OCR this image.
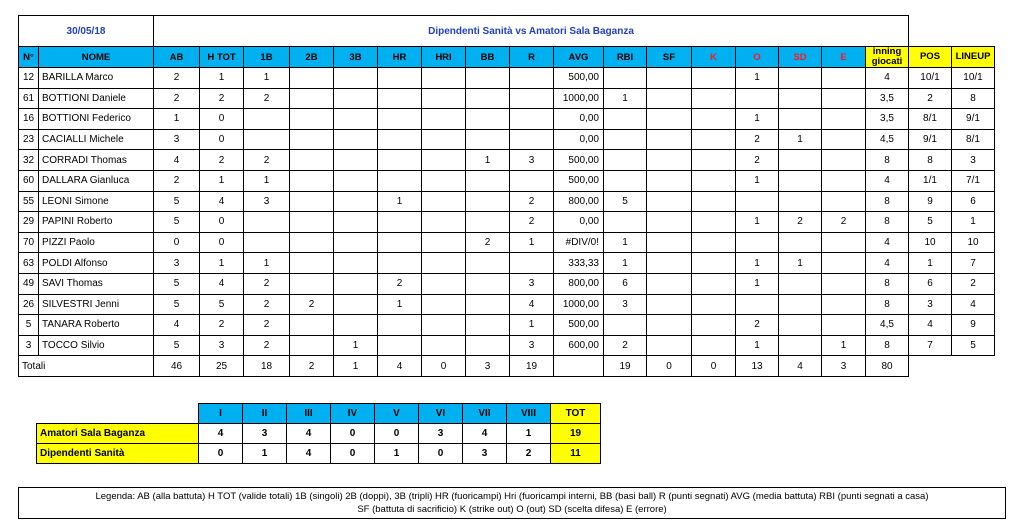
30/05/18		Dipendenti Sanità vs Amatori Sala Baganza																		
N°	NOME	AB	H TOT	1B	2B	3B	HR	HRI	BB	R	AVG	RBI	SF	K	O	SD	E	inning giocati	POS	LINEUP
12	BARILLA Marco	2	1	1							500,00				1			4	10/1	10/1
61	BOTTIONI Daniele	2	2	2							1000,00	1						3,5	2	8
16	BOTTIONI Federico	1	0								0,00				1			3,5	8/1	9/1
23	CACIALLI Michele	3	0								0,00				2	1		4,5	9/1	8/1
32	CORRADI Thomas	4	2	2					1	3	500,00				2			8	8	3
60	DALLARA Gianluca	2	1	1							500,00				1			4	1/1	7/1
55	LEONI Simone	5	4	3			1			2	800,00	5						8	9	6
29	PAPINI Roberto	5	0							2	0,00				1	2	2	8	5	1
70	PIZZI Paolo	0	0						2	1	#DIV/0!	1						4	10	10
63	POLDI Alfonso	3	1	1							333,33	1			1	1		4	1	7
49	SAVI Thomas	5	4	2			2			3	800,00	6			1			8	6	2
26	SILVESTRI Jenni	5	5	2	2		1			4	1000,00	3						8	3	4
5	TANARA Roberto	4	2	2						1	500,00				2			4,5	4	9
3	TOCCO Silvio	5	3	2		1				3	600,00	2			1		1	8	7	5
Totali		46	25	18	2	1	4	0	3	19		19	0	0	13	4	3	80		
	I	II	III	IV	V	VI	VII	VIII	TOT
Amatori Sala Baganza	4	3	4	0	0	3	4	1	19
Dipendenti Sanità	0	1	4	0	1	0	3	2	11
Legenda: AB (alla battuta) H TOT (valide totali) 1B (singoli) 2B (doppi), 3B (tripli) HR (fuoricampi) Hri (fuoricampi interni, BB (basi ball) R (punti segnati) AVG (media battuta) RBI (punti segnati a casa)
SF (battuta di sacrificio) K (strike out) O (out) SD (scelta difesa) E (errore)
